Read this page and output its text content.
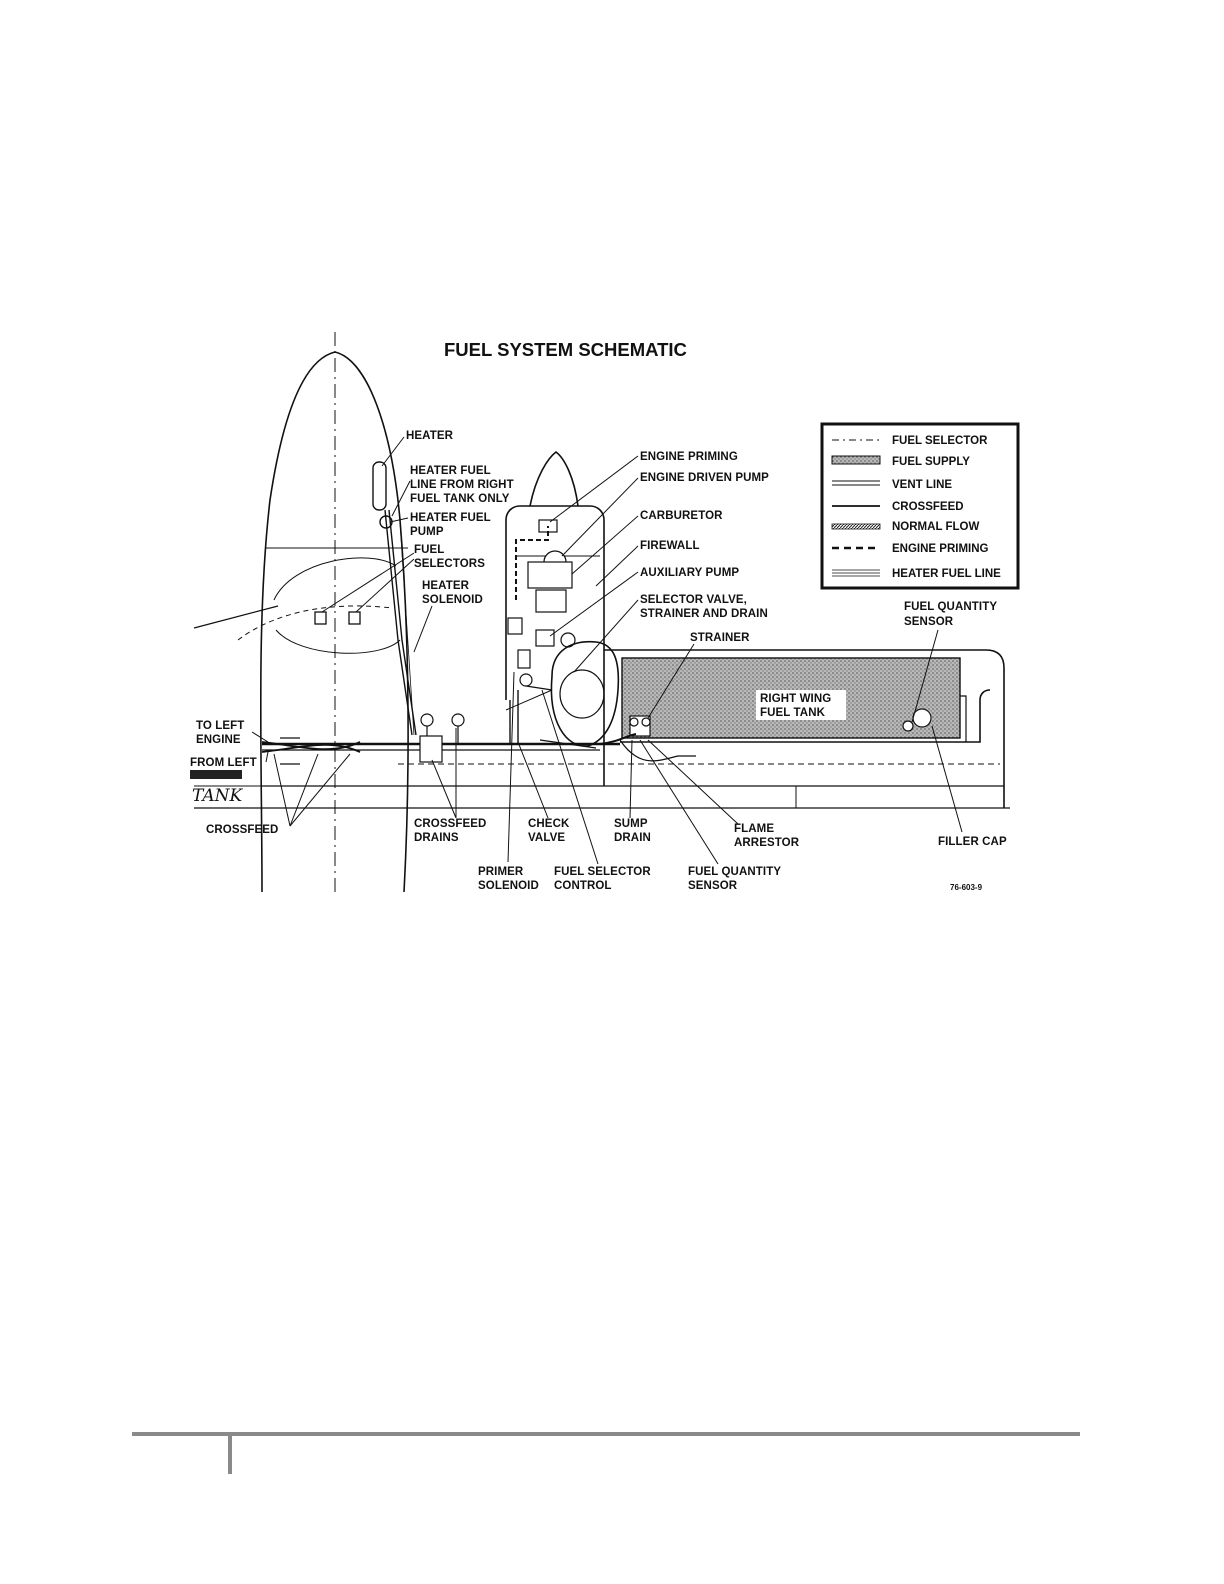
FUEL SYSTEM SCHEMATIC
HEATER
HEATER FUEL
LINE FROM RIGHT
FUEL TANK ONLY
HEATER FUEL
PUMP
FUEL
SELECTORS
HEATER
SOLENOID
ENGINE PRIMING
ENGINE DRIVEN PUMP
CARBURETOR
FIREWALL
AUXILIARY PUMP
SELECTOR VALVE,
STRAINER AND DRAIN
STRAINER
FUEL QUANTITY
SENSOR
RIGHT WING
FUEL TANK
TO LEFT
ENGINE
FROM LEFT
TANK
CROSSFEED	CROSSFEED
DRAINS
CHECK
VALVE
SUMP
DRAIN
FLAME
ARRESTOR	FILLER CAP
PRIMER
SOLENOID
FUEL SELECTOR
CONTROL
FUEL QUANTITY
SENSOR	76-603-9
FUEL SELECTOR
FUEL SUPPLY
VENT LINE
CROSSFEED
NORMAL FLOW
ENGINE PRIMING
HEATER FUEL LINE
